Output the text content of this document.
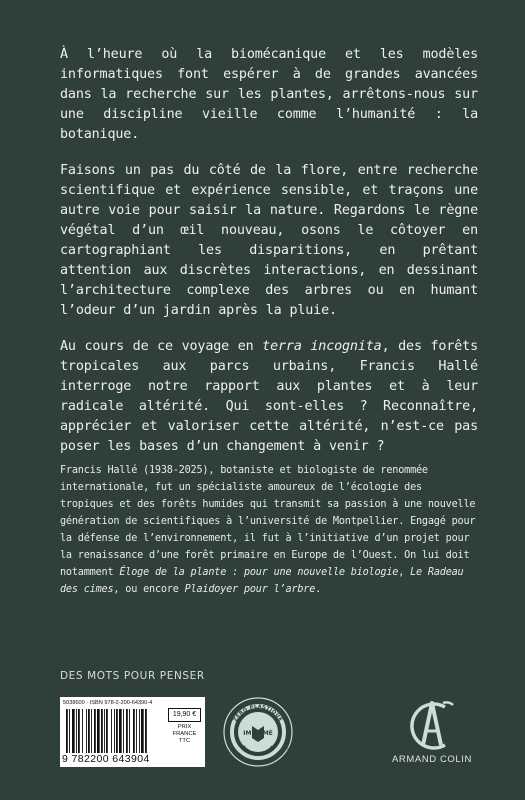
À l’heure où la biomécanique et les modèles informatiques font espérer à de grandes avancées dans la recherche sur les plantes, arrêtons-nous sur une discipline vieille comme l’humanité : la botanique.

Faisons un pas du côté de la flore, entre recherche scientifique et expérience sensible, et traçons une autre voie pour saisir la nature. Regardons le règne végétal d’un œil nouveau, osons le côtoyer en cartographiant les disparitions, en prêtant attention aux discrètes interactions, en dessinant l’architecture complexe des arbres ou en humant l’odeur d’un jardin après la pluie.

Au cours de ce voyage en terra incognita, des forêts tropicales aux parcs urbains, Francis Hallé interroge notre rapport aux plantes et à leur radicale altérité. Qui sont-elles ? Reconnaître, apprécier et valoriser cette altérité, n’est-ce pas poser les bases d’un changement à venir ?

Francis Hallé (1938-2025), botaniste et biologiste de renommée internationale, fut un spécialiste amoureux de l’écologie des tropiques et des forêts humides qui transmit sa passion à une nouvelle génération de scientifiques à l’université de Montpellier. Engagé pour la défense de l’environnement, il fut à l’initiative d’un projet pour la renaissance d’une forêt primaire en Europe de l’Ouest. On lui doit notamment Éloge de la plante : pour une nouvelle biologie, Le Radeau des cimes, ou encore Plaidoyer pour l’arbre.

DES MOTS POUR PENSER
5038600 · ISBN 978-2-200-64390-4
9 782200 643904
19,90 €
PRIX
FRANCE
TTC
ZÉRO PLASTIQUE
EN FRANCE	PAPIER RECYCLABLE
IMPRIMÉ
ARMAND COLIN
